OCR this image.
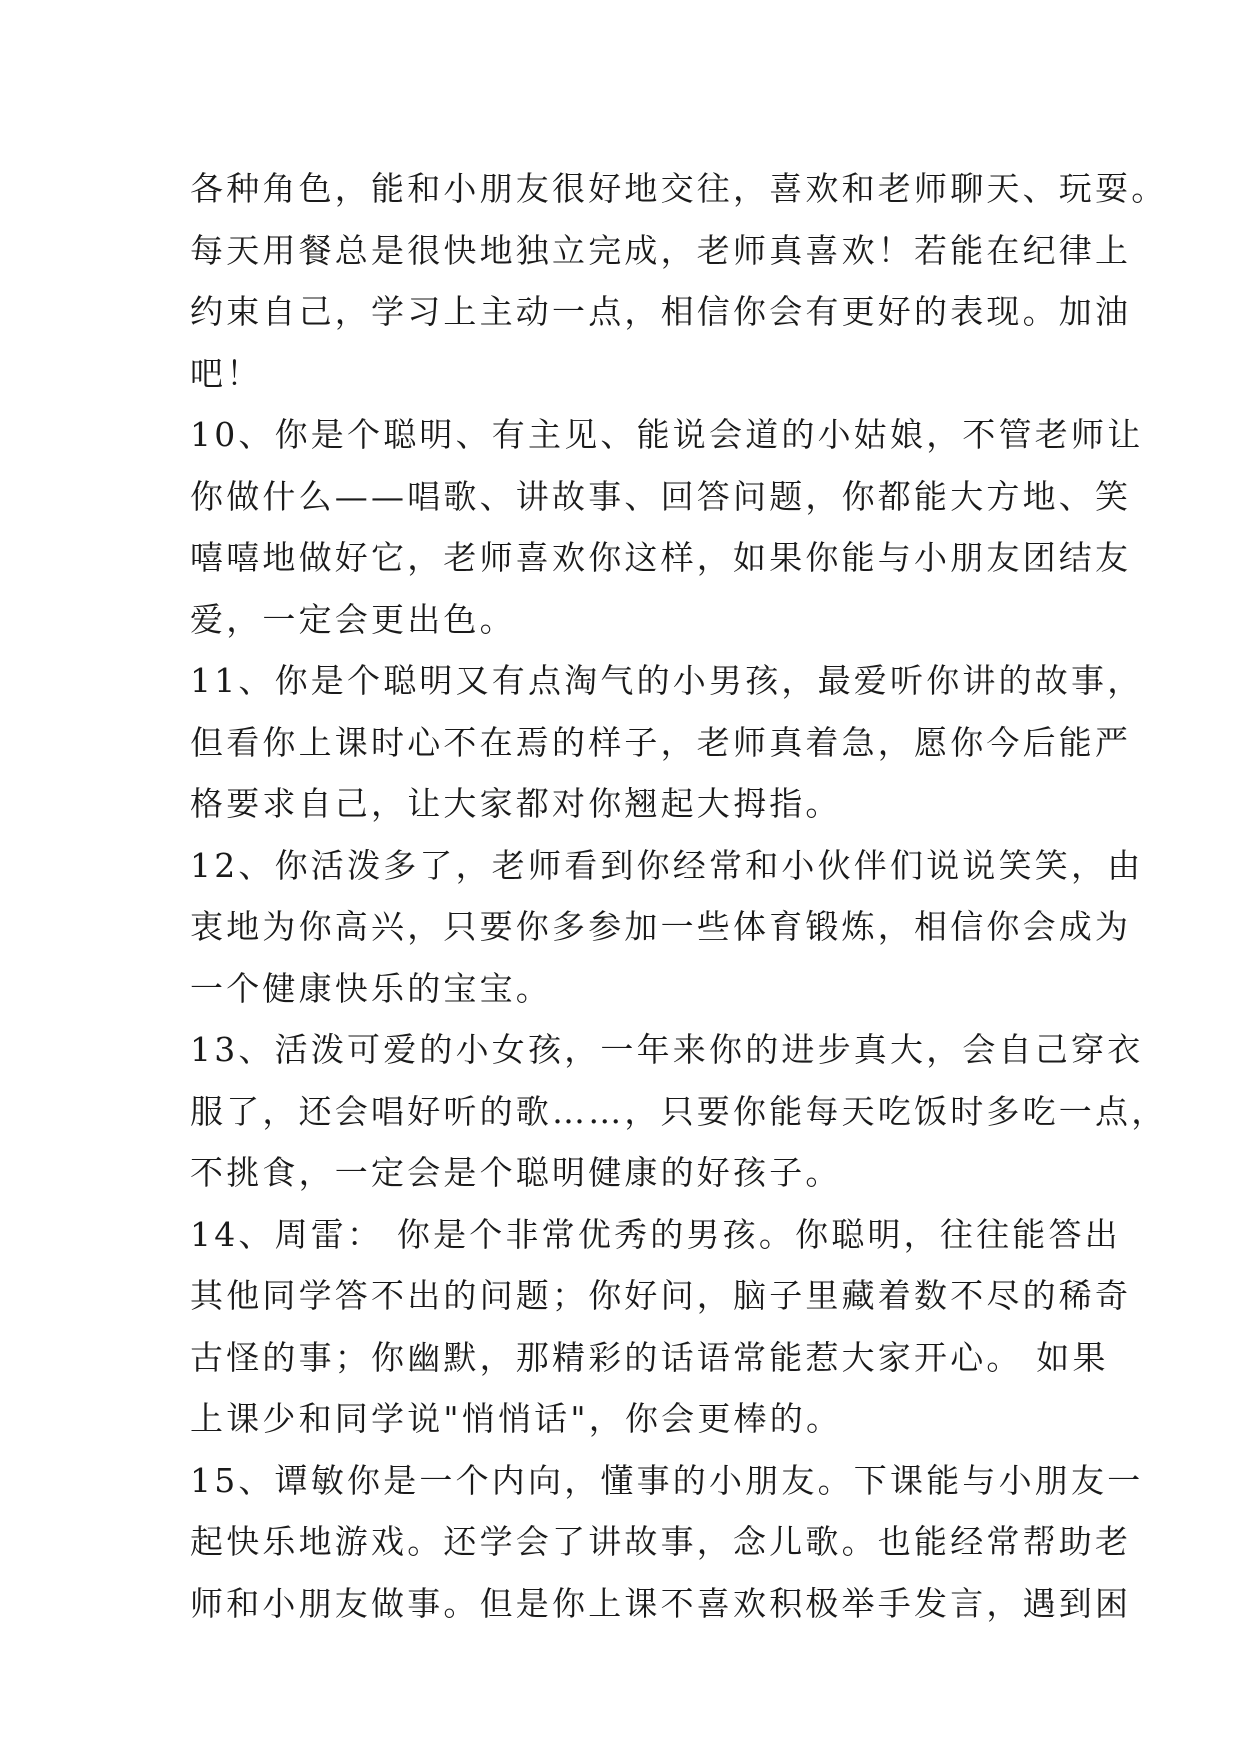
各种角色，能和小朋友很好地交往，喜欢和老师聊天、玩耍。
每天用餐总是很快地独立完成，老师真喜欢！若能在纪律上
约束自己，学习上主动一点，相信你会有更好的表现。加油
吧！
10、你是个聪明、有主见、能说会道的小姑娘，不管老师让
你做什么——唱歌、讲故事、回答问题，你都能大方地、笑
嘻嘻地做好它，老师喜欢你这样，如果你能与小朋友团结友
爱，一定会更出色。
11、你是个聪明又有点淘气的小男孩，最爱听你讲的故事，
但看你上课时心不在焉的样子，老师真着急，愿你今后能严
格要求自己，让大家都对你翘起大拇指。
12、你活泼多了，老师看到你经常和小伙伴们说说笑笑，由
衷地为你高兴，只要你多参加一些体育锻炼，相信你会成为
一个健康快乐的宝宝。
13、活泼可爱的小女孩，一年来你的进步真大，会自己穿衣
服了，还会唱好听的歌……，只要你能每天吃饭时多吃一点，
不挑食，一定会是个聪明健康的好孩子。
14、周雷： 你是个非常优秀的男孩。你聪明，往往能答出
其他同学答不出的问题；你好问，脑子里藏着数不尽的稀奇
古怪的事；你幽默，那精彩的话语常能惹大家开心。 如果
上课少和同学说"悄悄话"，你会更棒的。
15、谭敏你是一个内向，懂事的小朋友。下课能与小朋友一
起快乐地游戏。还学会了讲故事，念儿歌。也能经常帮助老
师和小朋友做事。但是你上课不喜欢积极举手发言，遇到困
